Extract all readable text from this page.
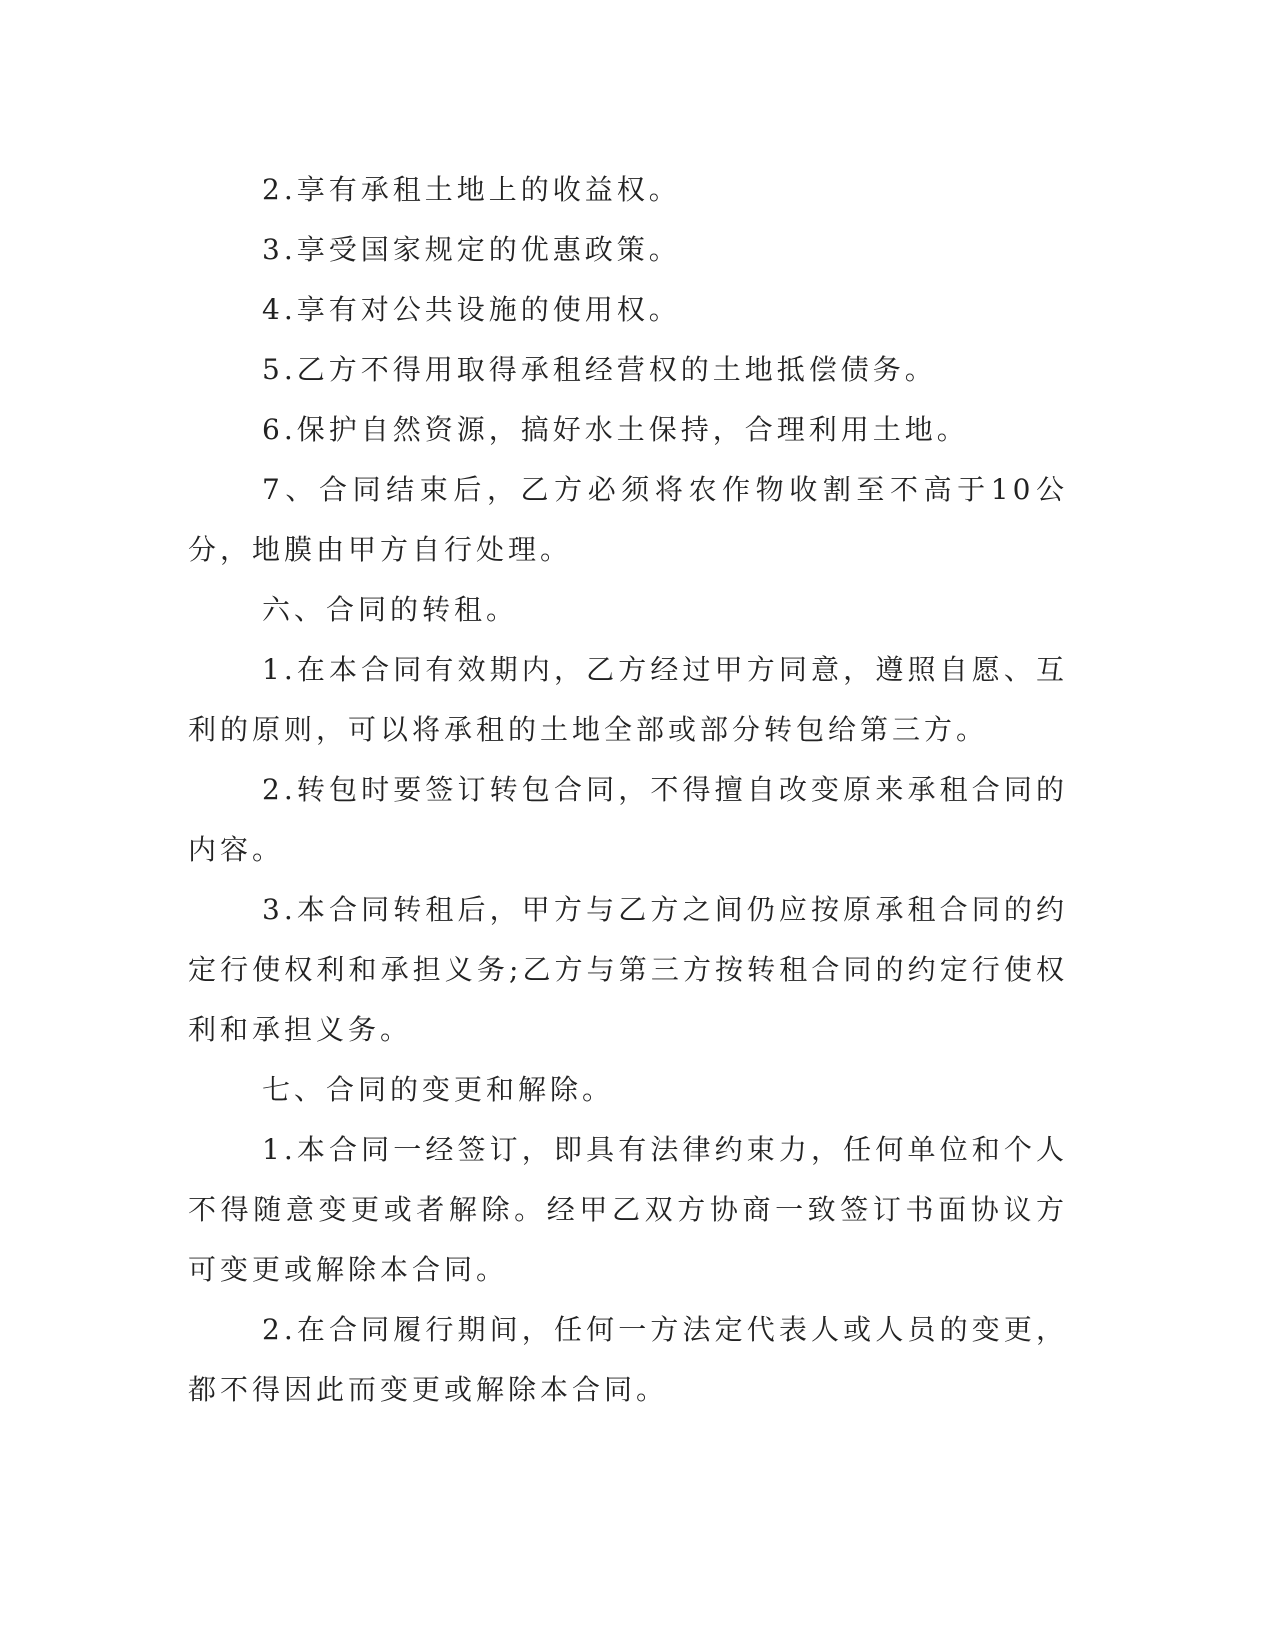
2.享有承租土地上的收益权。

3.享受国家规定的优惠政策。

4.享有对公共设施的使用权。

5.乙方不得用取得承租经营权的土地抵偿债务。

6.保护自然资源，搞好水土保持，合理利用土地。

7、合同结束后，乙方必须将农作物收割至不高于10公分，地膜由甲方自行处理。

六、合同的转租。

1.在本合同有效期内，乙方经过甲方同意，遵照自愿、互利的原则，可以将承租的土地全部或部分转包给第三方。

2.转包时要签订转包合同，不得擅自改变原来承租合同的内容。

3.本合同转租后，甲方与乙方之间仍应按原承租合同的约定行使权利和承担义务;乙方与第三方按转租合同的约定行使权利和承担义务。

七、合同的变更和解除。

1.本合同一经签订，即具有法律约束力，任何单位和个人不得随意变更或者解除。经甲乙双方协商一致签订书面协议方可变更或解除本合同。

2.在合同履行期间，任何一方法定代表人或人员的变更，都不得因此而变更或解除本合同。
